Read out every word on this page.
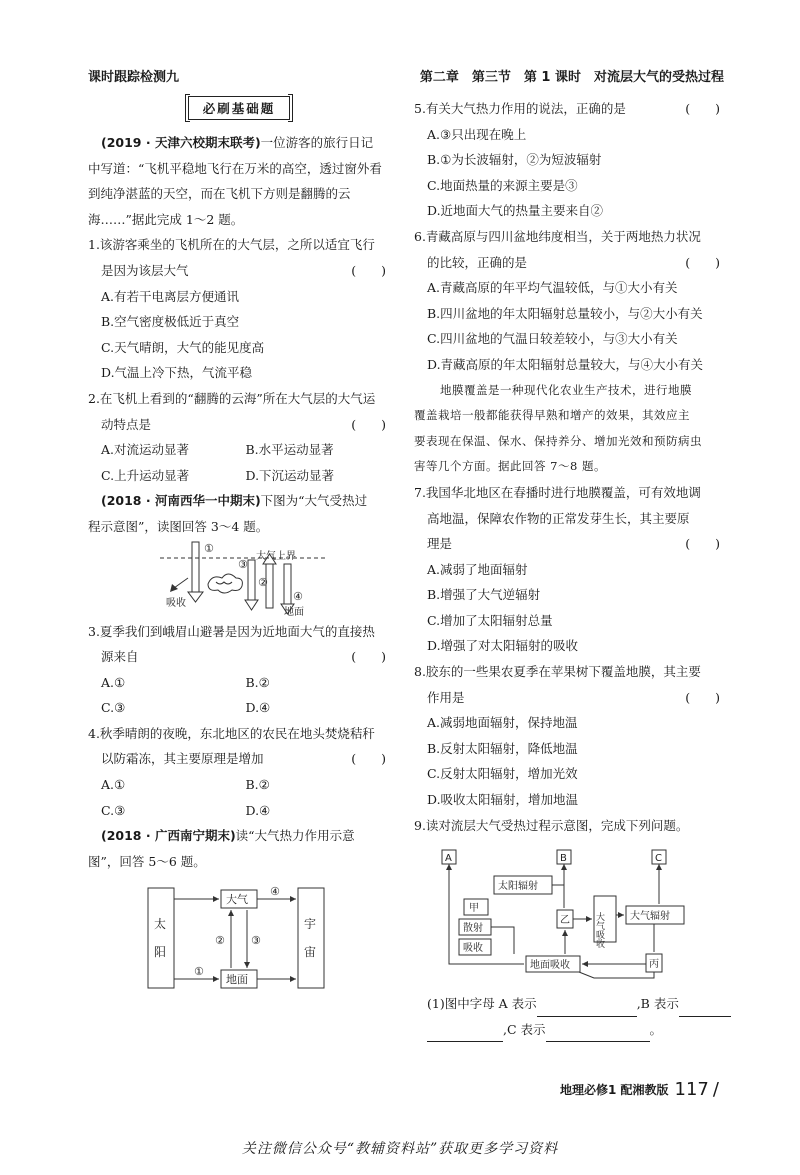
课时跟踪检测九	第二章　第三节　第 1 课时　对流层大气的受热过程
必刷基础题
(2019 · 天津六校期末联考)一位游客的旅行日记
中写道：“飞机平稳地飞行在万米的高空，透过窗外看
到纯净湛蓝的天空，而在飞机下方则是翻腾的云
海……”据此完成 1～2 题。
1.该游客乘坐的飞机所在的大气层，之所以适宜飞行
是因为该层大气	(　　)
A.有若干电离层方便通讯
B.空气密度极低近于真空
C.天气晴朗，大气的能见度高
D.气温上冷下热，气流平稳
2.在飞机上看到的“翻腾的云海”所在大气层的大气运
动特点是	(　　)
A.对流运动显著	B.水平运动显著
C.上升运动显著	D.下沉运动显著
(2018 · 河南西华一中期末)下图为“大气受热过
程示意图”，读图回答 3～4 题。
大气上界
①
吸收
③
②
④
地面
3.夏季我们到峨眉山避暑是因为近地面大气的直接热
源来自	(　　)
A.①	B.②
C.③	D.④
4.秋季晴朗的夜晚，东北地区的农民在地头焚烧秸秆
以防霜冻，其主要原理是增加	(　　)
A.①	B.②
C.③	D.④
(2018 · 广西南宁期末)读“大气热力作用示意
图”，回答 5～6 题。
太
阳
宇
宙
大气
地面
④
①
② ③
5.有关大气热力作用的说法，正确的是	(　　)
A.③只出现在晚上
B.①为长波辐射，②为短波辐射
C.地面热量的来源主要是③
D.近地面大气的热量主要来自②
6.青藏高原与四川盆地纬度相当，关于两地热力状况
的比较，正确的是	(　　)
A.青藏高原的年平均气温较低，与①大小有关
B.四川盆地的年太阳辐射总量较小，与②大小有关
C.四川盆地的气温日较差较小，与③大小有关
D.青藏高原的年太阳辐射总量较大，与④大小有关
地膜覆盖是一种现代化农业生产技术，进行地膜
覆盖栽培一般都能获得早熟和增产的效果，其效应主
要表现在保温、保水、保持养分、增加光效和预防病虫
害等几个方面。据此回答 7～8 题。
7.我国华北地区在春播时进行地膜覆盖，可有效地调
高地温，保障农作物的正常发芽生长，其主要原
理是	(　　)
A.减弱了地面辐射
B.增强了大气逆辐射
C.增加了太阳辐射总量
D.增强了对太阳辐射的吸收
8.胶东的一些果农夏季在苹果树下覆盖地膜，其主要
作用是	(　　)
A.减弱地面辐射，保持地温
B.反射太阳辐射，降低地温
C.反射太阳辐射，增加光效
D.吸收太阳辐射，增加地温
9.读对流层大气受热过程示意图，完成下列问题。
A	B	C
太阳辐射
甲
散射
吸收
乙	大气吸收	大气辐射
丙
地面吸收
(1)图中字母 A 表示	,B 表示
,C 表示	。
地理必修1 配湘教版 117 /
关注微信公众号“教辅资料站”获取更多学习资料
